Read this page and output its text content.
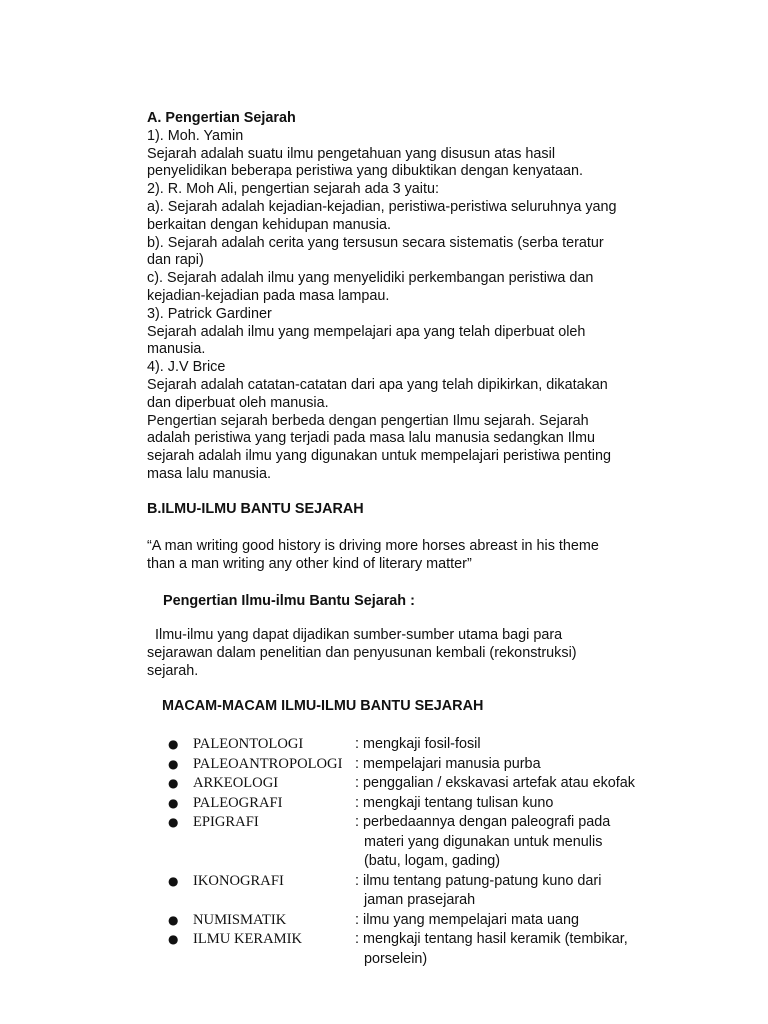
A. Pengertian Sejarah

1). Moh. Yamin

Sejarah adalah suatu ilmu pengetahuan yang disusun atas hasil

penyelidikan beberapa peristiwa yang dibuktikan dengan kenyataan.

2). R. Moh Ali, pengertian sejarah ada 3 yaitu:

a). Sejarah adalah kejadian-kejadian, peristiwa-peristiwa seluruhnya yang

berkaitan dengan kehidupan manusia.

b). Sejarah adalah cerita yang tersusun secara sistematis (serba teratur

dan rapi)

c). Sejarah adalah ilmu yang menyelidiki perkembangan peristiwa dan

kejadian-kejadian pada masa lampau.

3). Patrick Gardiner

Sejarah adalah ilmu yang mempelajari apa yang telah diperbuat oleh

manusia.

4). J.V Brice

Sejarah adalah catatan-catatan dari apa yang telah dipikirkan, dikatakan

dan diperbuat oleh manusia.

Pengertian sejarah berbeda dengan pengertian Ilmu sejarah. Sejarah

adalah peristiwa yang terjadi pada masa lalu manusia sedangkan Ilmu

sejarah adalah ilmu yang digunakan untuk mempelajari peristiwa penting

masa lalu manusia.

B.ILMU-ILMU BANTU SEJARAH

“A man writing good history is driving more horses abreast in his theme

than a man writing any other kind of literary matter”

Pengertian Ilmu-ilmu Bantu Sejarah :

Ilmu-ilmu yang dapat dijadikan sumber-sumber utama bagi para

sejarawan dalam penelitian dan penyusunan kembali (rekonstruksi)

sejarah.

MACAM-MACAM ILMU-ILMU BANTU SEJARAH
● PALEONTOLOGI	: mengkaji fosil-fosil

● PALEOANTROPOLOGI : mempelajari manusia purba

● ARKEOLOGI	: penggalian / ekskavasi artefak atau ekofak

● PALEOGRAFI	: mengkaji tentang tulisan kuno

● EPIGRAFI	: perbedaannya dengan paleografi pada

materi yang digunakan untuk menulis

(batu, logam, gading)

● IKONOGRAFI	: ilmu tentang patung-patung kuno dari

jaman prasejarah

● NUMISMATIK	: ilmu yang mempelajari mata uang

● ILMU KERAMIK	: mengkaji tentang hasil keramik (tembikar,

porselein)
